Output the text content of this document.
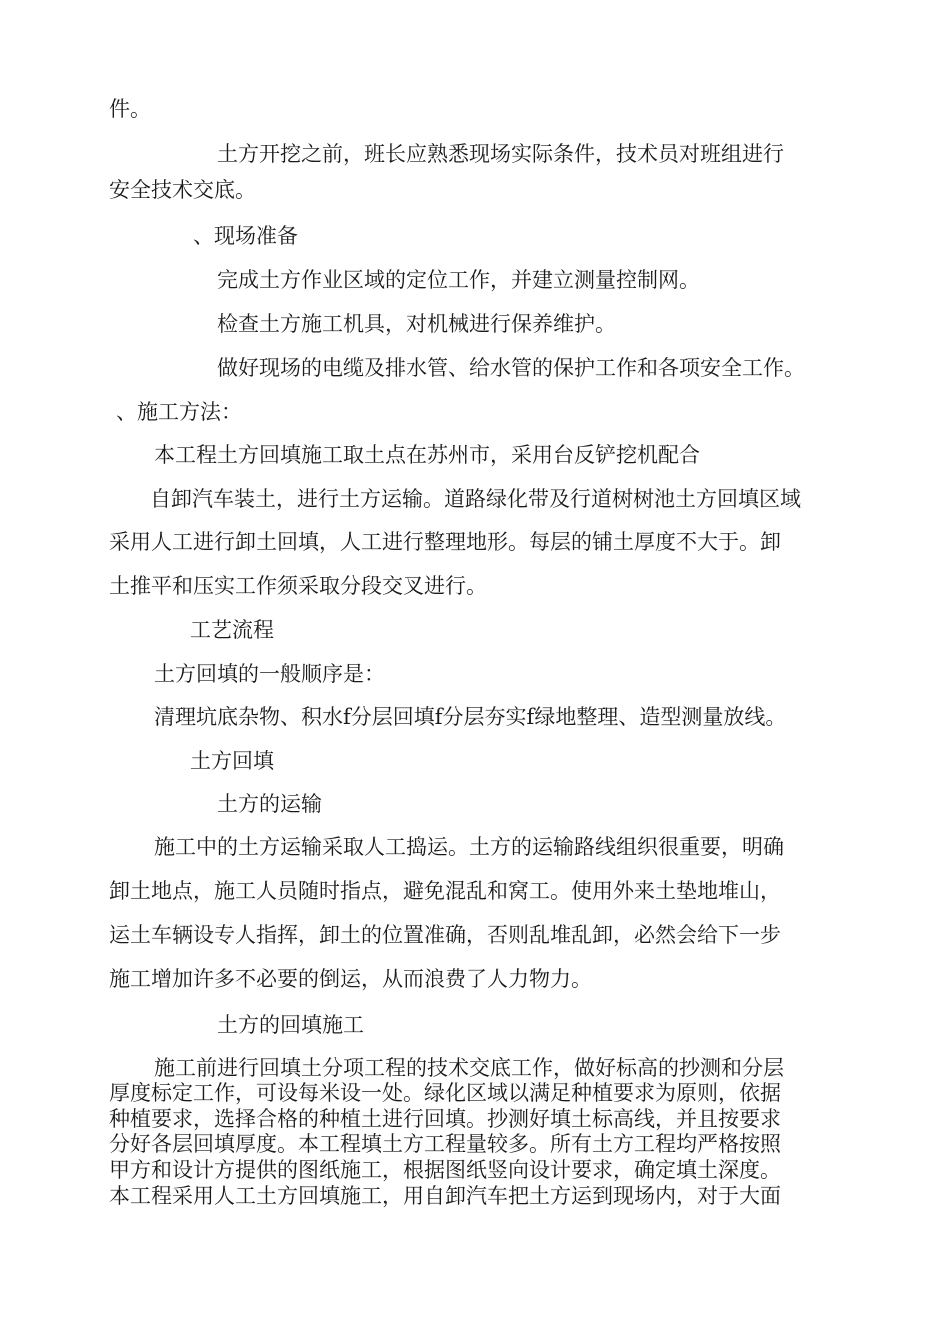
件。

土方开挖之前，班长应熟悉现场实际条件，技术员对班组进行

安全技术交底。

、现场准备

完成土方作业区域的定位工作，并建立测量控制网。

检查土方施工机具，对机械进行保养维护。

做好现场的电缆及排水管、给水管的保护工作和各项安全工作。

、施工方法：

本工程土方回填施工取土点在苏州市，采用台反铲挖机配合

自卸汽车装土，进行土方运输。道路绿化带及行道树树池土方回填区域

采用人工进行卸土回填，人工进行整理地形。每层的铺土厚度不大于。卸

土推平和压实工作须采取分段交叉进行。

工艺流程

土方回填的一般顺序是：

清理坑底杂物、积水f分层回填f分层夯实f绿地整理、造型测量放线。

土方回填

土方的运输

施工中的土方运输采取人工捣运。土方的运输路线组织很重要，明确

卸土地点，施工人员随时指点，避免混乱和窝工。使用外来土垫地堆山，

运土车辆设专人指挥，卸土的位置准确，否则乱堆乱卸，必然会给下一步

施工增加许多不必要的倒运，从而浪费了人力物力。

土方的回填施工

施工前进行回填土分项工程的技术交底工作，做好标高的抄测和分层

厚度标定工作，可设每米设一处。绿化区域以满足种植要求为原则，依据

种植要求，选择合格的种植土进行回填。抄测好填土标高线，并且按要求

分好各层回填厚度。本工程填土方工程量较多。所有土方工程均严格按照

甲方和设计方提供的图纸施工，根据图纸竖向设计要求，确定填土深度。

本工程采用人工土方回填施工，用自卸汽车把土方运到现场内，对于大面
